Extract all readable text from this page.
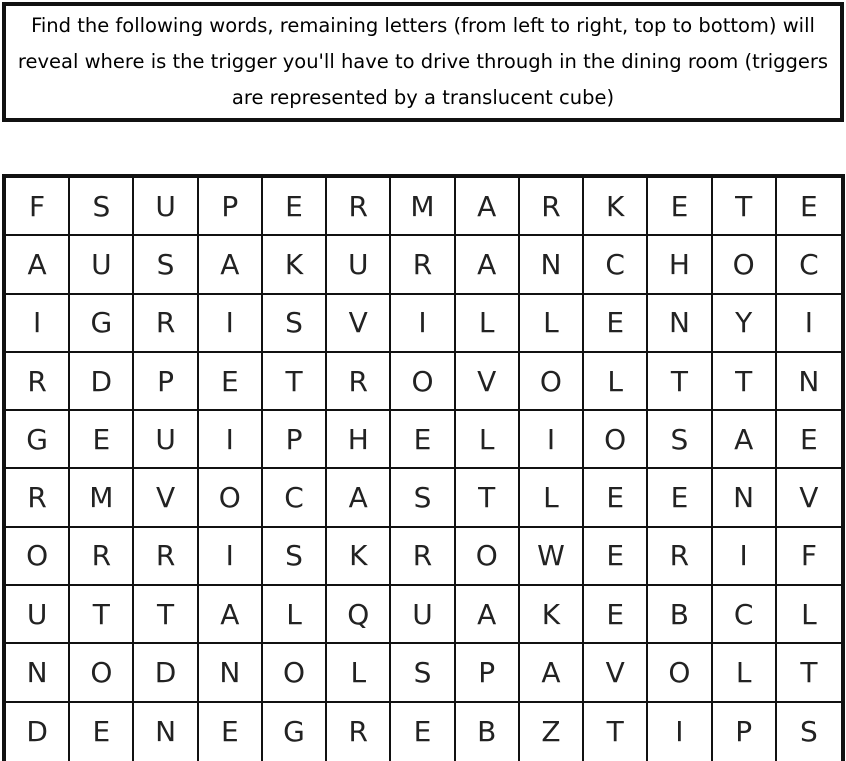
Find the following words, remaining letters (from left to right, top to bottom) will reveal where is the trigger you'll have to drive through in the dining room (triggers are represented by a translucent cube)
F	S	U	P	E	R	M	A	R	K	E	T	E
A	U	S	A	K	U	R	A	N	C	H	O	C
I	G	R	I	S	V	I	L	L	E	N	Y	I
R	D	P	E	T	R	O	V	O	L	T	T	N
G	E	U	I	P	H	E	L	I	O	S	A	E
R	M	V	O	C	A	S	T	L	E	E	N	V
O	R	R	I	S	K	R	O	W	E	R	I	F
U	T	T	A	L	Q	U	A	K	E	B	C	L
N	O	D	N	O	L	S	P	A	V	O	L	T
D	E	N	E	G	R	E	B	Z	T	I	P	S
